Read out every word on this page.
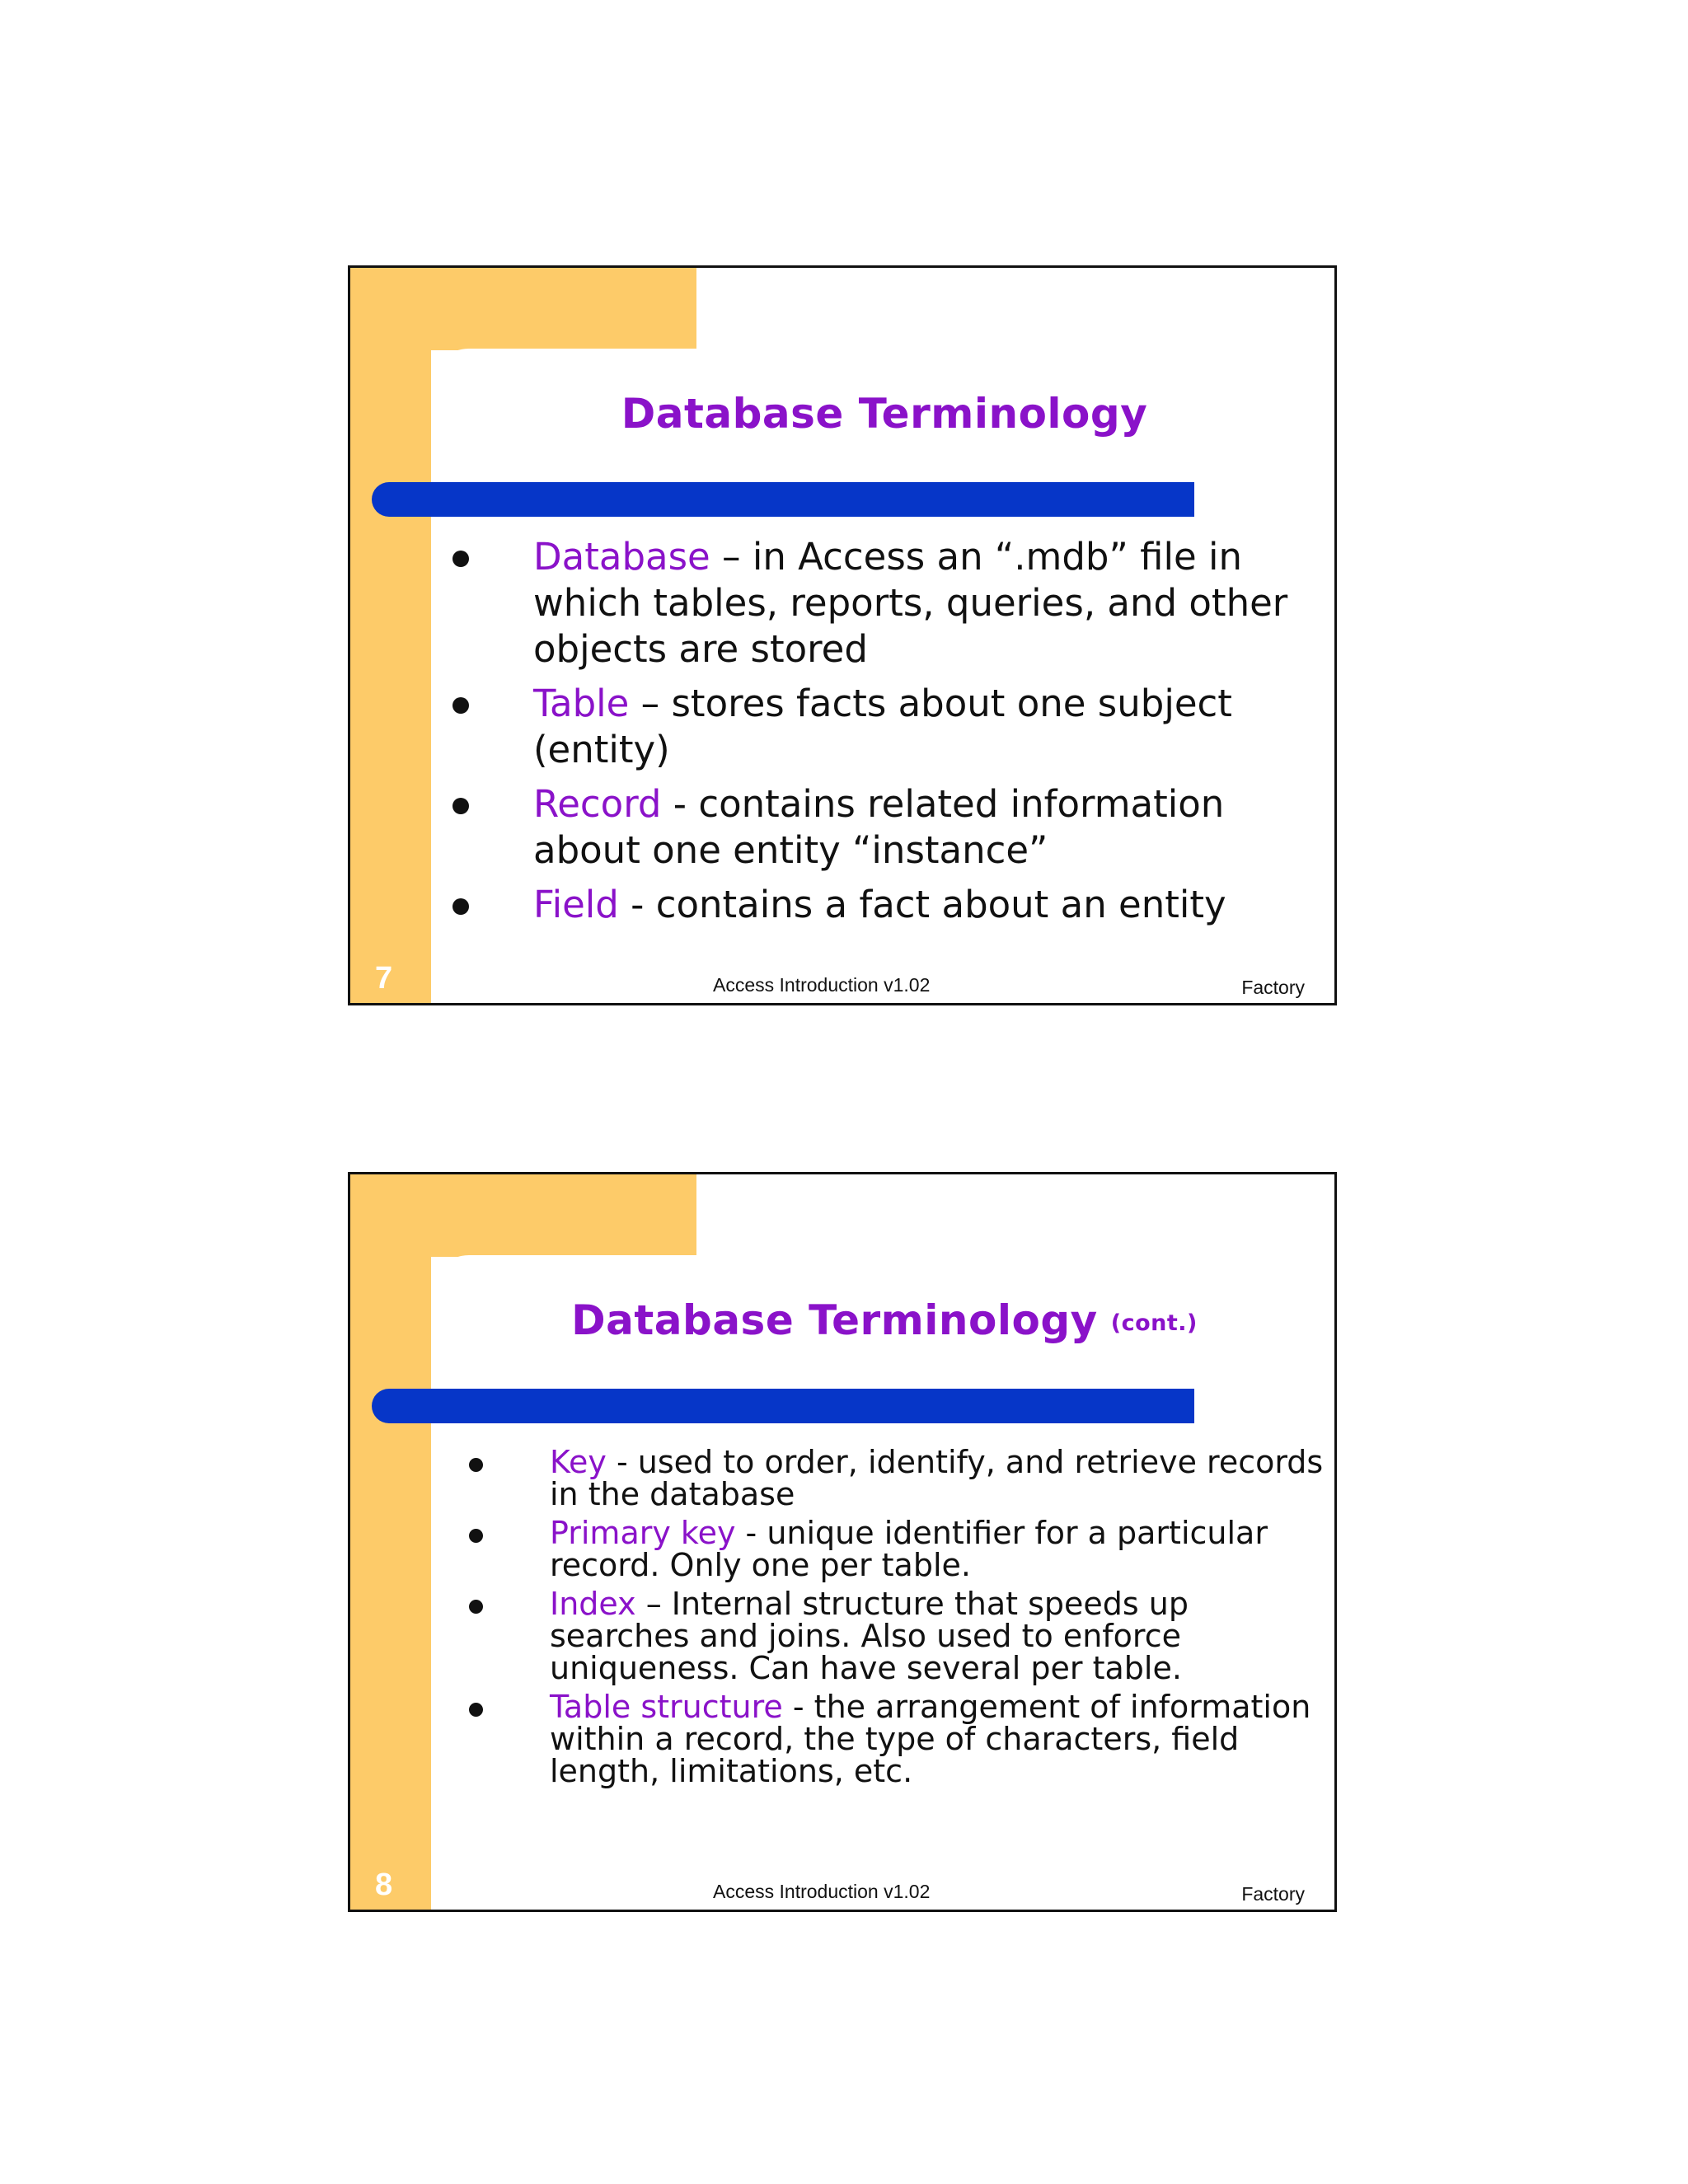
Database Terminology
Database – in Access an “.mdb” file in which tables, reports, queries, and other objects are stored
Table – stores facts about one subject (entity)
Record - contains related information about one entity “instance”
Field - contains a fact about an entity
7	Access Introduction v1.02	Factory
Database Terminology (cont.)
Key - used to order, identify, and retrieve records in the database
Primary key - unique identifier for a particular record. Only one per table.
Index – Internal structure that speeds up searches and joins. Also used to enforce uniqueness. Can have several per table.
Table structure - the arrangement of information within a record, the type of characters, field length, limitations, etc.
8	Access Introduction v1.02	Factory
